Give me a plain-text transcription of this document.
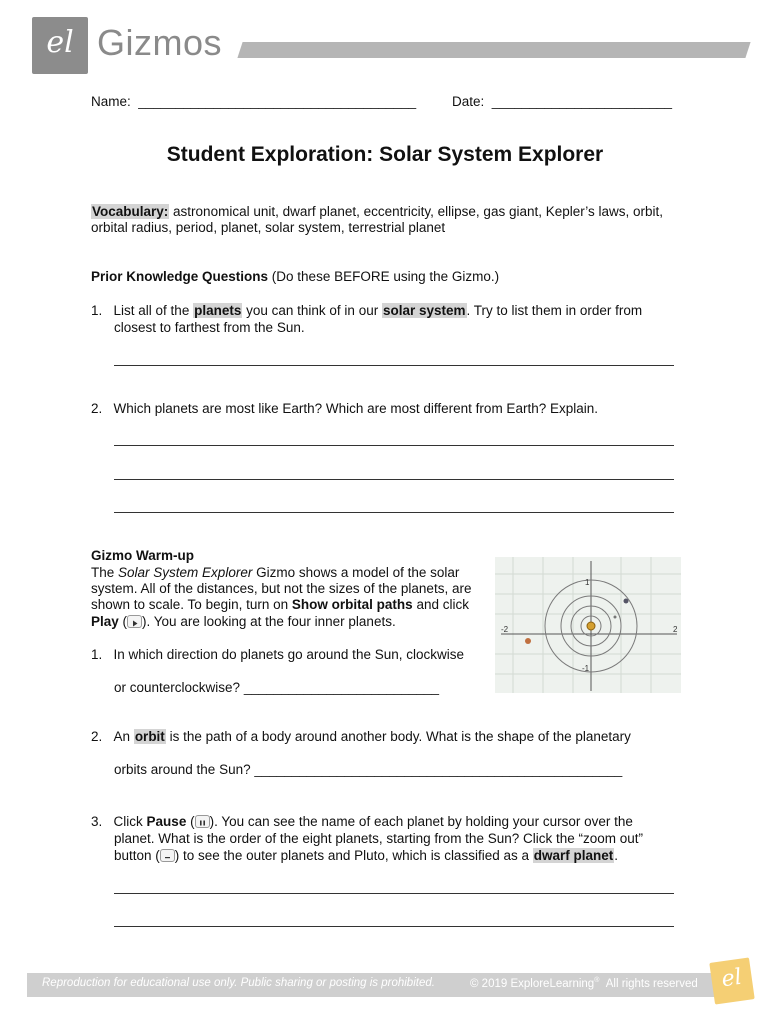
el Gizmos
Name:  _____________________________________	Date:  ________________________
Student Exploration: Solar System Explorer
Vocabulary: astronomical unit, dwarf planet, eccentricity, ellipse, gas giant, Kepler’s laws, orbit,
orbital radius, period, planet, solar system, terrestrial planet
Prior Knowledge Questions (Do these BEFORE using the Gizmo.)
1. List all of the planets you can think of in our solar system. Try to list them in order from
closest to farthest from the Sun.
2. Which planets are most like Earth? Which are most different from Earth? Explain.
Gizmo Warm-up
The Solar System Explorer Gizmo shows a model of the solar
system. All of the distances, but not the sizes of the planets, are
shown to scale. To begin, turn on Show orbital paths and click
Play ( ). You are looking at the four inner planets.
1
-1
-2	2
1. In which direction do planets go around the Sun, clockwise
or counterclockwise? __________________________
2. An orbit is the path of a body around another body. What is the shape of the planetary
orbits around the Sun? _________________________________________________
3. Click Pause ( ). You can see the name of each planet by holding your cursor over the
planet. What is the order of the eight planets, starting from the Sun? Click the “zoom out”
button ( ) to see the outer planets and Pluto, which is classified as a dwarf planet.
Reproduction for educational use only. Public sharing or posting is prohibited.	© 2019 ExploreLearning® All rights reserved	el
